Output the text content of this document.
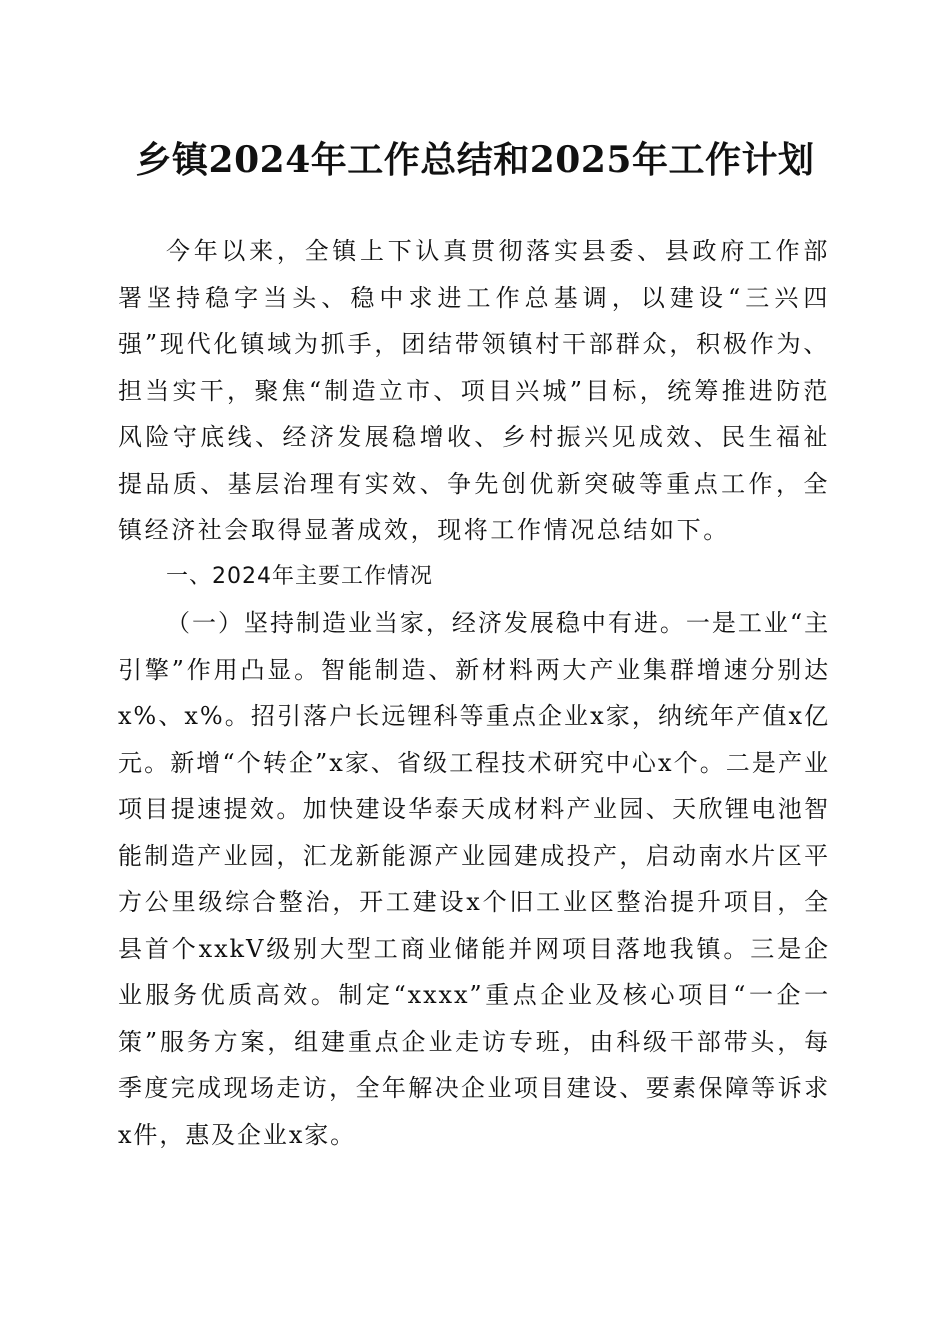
乡镇2024年工作总结和2025年工作计划

今年以来，全镇上下认真贯彻落实县委、县政府工作部署坚持稳字当头、稳中求进工作总基调，以建设“三兴四强”现代化镇域为抓手，团结带领镇村干部群众，积极作为、担当实干，聚焦“制造立市、项目兴城”目标，统筹推进防范风险守底线、经济发展稳增收、乡村振兴见成效、民生福祉提品质、基层治理有实效、争先创优新突破等重点工作，全镇经济社会取得显著成效，现将工作情况总结如下。

一、2024年主要工作情况

（一）坚持制造业当家，经济发展稳中有进。一是工业“主引擎”作用凸显。智能制造、新材料两大产业集群增速分别达x%、x%。招引落户长远锂科等重点企业x家，纳统年产值x亿元。新增“个转企”x家、省级工程技术研究中心x个。二是产业项目提速提效。加快建设华泰天成材料产业园、天欣锂电池智能制造产业园，汇龙新能源产业园建成投产，启动南水片区平方公里级综合整治，开工建设x个旧工业区整治提升项目，全县首个xxkV级别大型工商业储能并网项目落地我镇。三是企业服务优质高效。制定“xxxx”重点企业及核心项目“一企一策”服务方案，组建重点企业走访专班，由科级干部带头，每季度完成现场走访，全年解决企业项目建设、要素保障等诉求x件，惠及企业x家。
